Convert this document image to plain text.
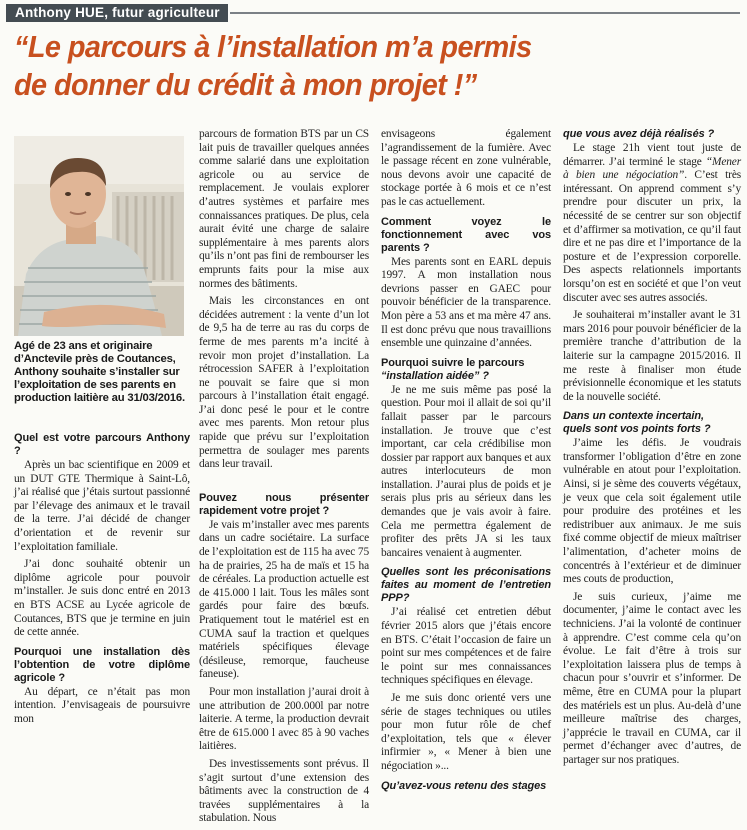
Anthony HUE, futur agriculteur
“Le parcours à l’installation m’a permis
de donner du crédit à mon projet !”
Agé de 23 ans et originaire d’Anctevile près de Coutances, Anthony souhaite s’installer sur l’exploitation de ses parents en production laitière au 31/03/2016.
Quel est votre parcours Anthony ?

Après un bac scientifique en 2009 et un DUT GTE Thermique à Saint-Lô, j’ai réalisé que j’étais surtout passionné par l’élevage des animaux et le travail de la terre. J’ai décidé de changer d’orientation et de revenir sur l’exploitation familiale.

J’ai donc souhaité obtenir un diplôme agricole pour pouvoir m’installer. Je suis donc entré en 2013 en BTS ACSE au Lycée agricole de Coutances, BTS que je termine en juin de cette année.

Pourquoi une installation dès l’obtention de votre diplôme agricole ?

Au départ, ce n’était pas mon intention. J’envisageais de poursuivre mon

parcours de formation BTS par un CS lait puis de travailler quelques années comme salarié dans une exploitation agricole ou au service de remplacement. Je voulais explorer d’autres systèmes et parfaire mes connaissances pratiques. De plus, cela aurait évité une charge de salaire supplémentaire à mes parents alors qu’ils n’ont pas fini de rembourser les emprunts faits pour la mise aux normes des bâtiments.

Mais les circonstances en ont décidées autrement : la vente d’un lot de 9,5 ha de terre au ras du corps de ferme de mes parents m’a incité à revoir mon projet d’installation. La rétrocession SAFER à l’exploitation ne pouvait se faire que si mon parcours à l’installation était engagé. J’ai donc pesé le pour et le contre avec mes parents. Mon retour plus rapide que prévu sur l’exploitation permettra de soulager mes parents dans leur travail.

Pouvez nous présenter rapidement votre projet ?

Je vais m’installer avec mes parents dans un cadre sociétaire. La surface de l’exploitation est de 115 ha avec 75 ha de prairies, 25 ha de maïs et 15 ha de céréales. La production actuelle est de 415.000 l lait. Tous les mâles sont gardés pour faire des bœufs. Pratiquement tout le matériel est en CUMA sauf la traction et quelques matériels spécifiques élevage (désileuse, remorque, faucheuse faneuse).

Pour mon installation j’aurai droit à une attribution de 200.000l par notre laiterie. A terme, la production devrait être de 615.000 l avec 85 à 90 vaches laitières.

Des investissements sont prévus. Il s’agit surtout d’une extension des bâtiments avec la construction de 4 travées supplémentaires à la stabulation. Nous

envisageons également l’agrandissement de la fumière. Avec le passage récent en zone vulnérable, nous devons avoir une capacité de stockage portée à 6 mois et ce n’est pas le cas actuellement.

Comment voyez le fonctionnement avec vos parents ?

Mes parents sont en EARL depuis 1997. A mon installation nous devrions passer en GAEC pour pouvoir bénéficier de la transparence. Mon père a 53 ans et ma mère 47 ans. Il est donc prévu que nous travaillions ensemble une quinzaine d’années.

Pourquoi suivre le parcours
“installation aidée” ?

Je ne me suis même pas posé la question. Pour moi il allait de soi qu’il fallait passer par le parcours installation. Je trouve que c’est important, car cela crédibilise mon dossier par rapport aux banques et aux autres interlocuteurs de mon installation. J’aurai plus de poids et je serais plus pris au sérieux dans les demandes que je vais avoir à faire. Cela me permettra également de profiter des prêts JA si les taux bancaires venaient à augmenter.

Quelles sont les préconisations faites au moment de l’entretien PPP?

J’ai réalisé cet entretien début février 2015 alors que j’étais encore en BTS. C’était l’occasion de faire un point sur mes compétences et de faire le point sur mes connaissances techniques spécifiques en élevage.

Je me suis donc orienté vers une série de stages techniques ou utiles pour mon futur rôle de chef d’exploitation, tels que « élever infirmier », « Mener à bien une négociation »...

Qu’avez-vous retenu des stages
que vous avez déjà réalisés ?

Le stage 21h vient tout juste de démarrer. J’ai terminé le stage “Mener à bien une négociation”. C’est très intéressant. On apprend comment s’y prendre pour discuter un prix, la nécessité de se centrer sur son objectif et d’affirmer sa motivation, ce qu’il faut dire et ne pas dire et l’importance de la posture et de l’expression corporelle. Des aspects relationnels importants lorsqu’on est en société et que l’on veut discuter avec ses autres associés.

Je souhaiterai m’installer avant le 31 mars 2016 pour pouvoir bénéficier de la première tranche d’attribution de la laiterie sur la campagne 2015/2016. Il me reste à finaliser mon étude prévisionnelle économique et les statuts de la nouvelle société.

Dans un contexte incertain,
quels sont vos points forts ?

J’aime les défis. Je voudrais transformer l’obligation d’être en zone vulnérable en atout pour l’exploitation. Ainsi, si je sème des couverts végétaux, je veux que cela soit également utile pour produire des protéines et les redistribuer aux animaux. Je me suis fixé comme objectif de mieux maîtriser l’alimentation, d’acheter moins de concentrés à l’extérieur et de diminuer mes couts de production,

Je suis curieux, j’aime me documenter, j’aime le contact avec les techniciens. J’ai la volonté de continuer à apprendre. C’est comme cela qu’on évolue. Le fait d’être à trois sur l’exploitation laissera plus de temps à chacun pour s’ouvrir et s’informer. De même, être en CUMA pour la plupart des matériels est un plus. Au-delà d’une meilleure maîtrise des charges, j’apprécie le travail en CUMA, car il permet d’échanger avec d’autres, de partager sur nos pratiques.
